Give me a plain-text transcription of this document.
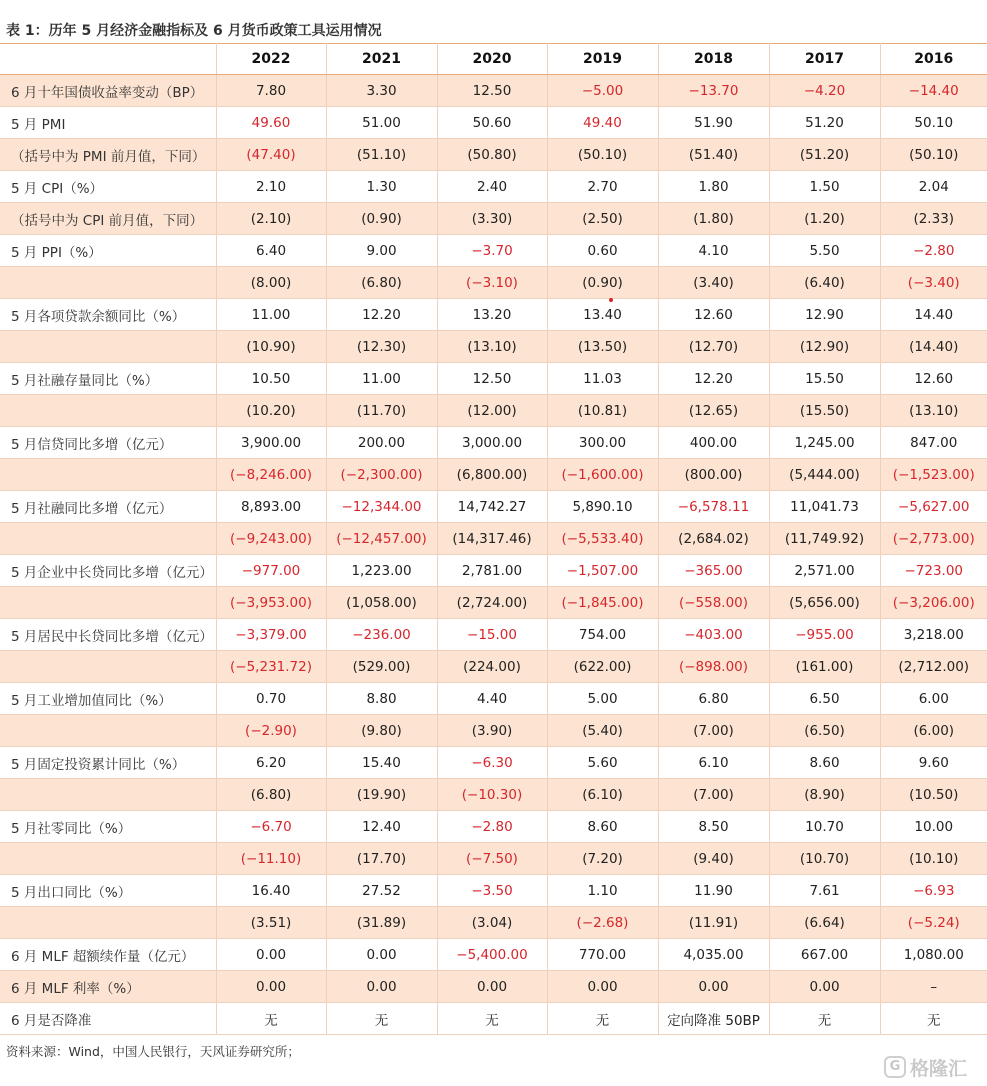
表 1：历年 5 月经济金融指标及 6 月货币政策工具运用情况
	2022	2021	2020	2019	2018	2017	2016
6 月十年国债收益率变动（BP）	7.80	3.30	12.50	−5.00	−13.70	−4.20	−14.40
5 月 PMI	49.60	51.00	50.60	49.40	51.90	51.20	50.10
（括号中为 PMI 前月值，下同）	(47.40)	(51.10)	(50.80)	(50.10)	(51.40)	(51.20)	(50.10)
5 月 CPI（%）	2.10	1.30	2.40	2.70	1.80	1.50	2.04
（括号中为 CPI 前月值，下同）	(2.10)	(0.90)	(3.30)	(2.50)	(1.80)	(1.20)	(2.33)
5 月 PPI（%）	6.40	9.00	−3.70	0.60	4.10	5.50	−2.80
	(8.00)	(6.80)	(−3.10)	(0.90)	(3.40)	(6.40)	(−3.40)
5 月各项贷款余额同比（%）	11.00	12.20	13.20	13.40	12.60	12.90	14.40
	(10.90)	(12.30)	(13.10)	(13.50)	(12.70)	(12.90)	(14.40)
5 月社融存量同比（%）	10.50	11.00	12.50	11.03	12.20	15.50	12.60
	(10.20)	(11.70)	(12.00)	(10.81)	(12.65)	(15.50)	(13.10)
5 月信贷同比多增（亿元）	3,900.00	200.00	3,000.00	300.00	400.00	1,245.00	847.00
	(−8,246.00)	(−2,300.00)	(6,800.00)	(−1,600.00)	(800.00)	(5,444.00)	(−1,523.00)
5 月社融同比多增（亿元）	8,893.00	−12,344.00	14,742.27	5,890.10	−6,578.11	11,041.73	−5,627.00
	(−9,243.00)	(−12,457.00)	(14,317.46)	(−5,533.40)	(2,684.02)	(11,749.92)	(−2,773.00)
5 月企业中长贷同比多增（亿元）	−977.00	1,223.00	2,781.00	−1,507.00	−365.00	2,571.00	−723.00
	(−3,953.00)	(1,058.00)	(2,724.00)	(−1,845.00)	(−558.00)	(5,656.00)	(−3,206.00)
5 月居民中长贷同比多增（亿元）	−3,379.00	−236.00	−15.00	754.00	−403.00	−955.00	3,218.00
	(−5,231.72)	(529.00)	(224.00)	(622.00)	(−898.00)	(161.00)	(2,712.00)
5 月工业增加值同比（%）	0.70	8.80	4.40	5.00	6.80	6.50	6.00
	(−2.90)	(9.80)	(3.90)	(5.40)	(7.00)	(6.50)	(6.00)
5 月固定投资累计同比（%）	6.20	15.40	−6.30	5.60	6.10	8.60	9.60
	(6.80)	(19.90)	(−10.30)	(6.10)	(7.00)	(8.90)	(10.50)
5 月社零同比（%）	−6.70	12.40	−2.80	8.60	8.50	10.70	10.00
	(−11.10)	(17.70)	(−7.50)	(7.20)	(9.40)	(10.70)	(10.10)
5 月出口同比（%）	16.40	27.52	−3.50	1.10	11.90	7.61	−6.93
	(3.51)	(31.89)	(3.04)	(−2.68)	(11.91)	(6.64)	(−5.24)
6 月 MLF 超额续作量（亿元）	0.00	0.00	−5,400.00	770.00	4,035.00	667.00	1,080.00
6 月 MLF 利率（%）	0.00	0.00	0.00	0.00	0.00	0.00	–
6 月是否降准	无	无	无	无	定向降准 50BP	无	无
资料来源：Wind，中国人民银行，天风证券研究所；
G 格隆汇
